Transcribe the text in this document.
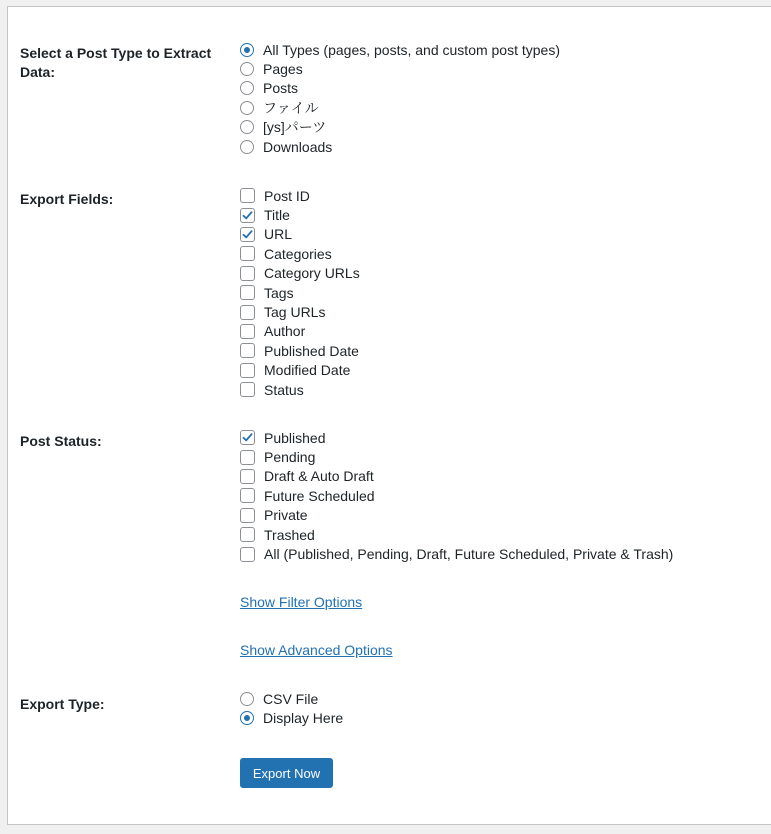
Select a Post Type to Extract Data:
All Types (pages, posts, and custom post types)
Pages
Posts
ファイル
[ys]パーツ
Downloads
Export Fields:	Post ID
Title
URL
Categories
Category URLs
Tags
Tag URLs
Author
Published Date
Modified Date
Status
Post Status:	Published
Pending
Draft & Auto Draft
Future Scheduled
Private
Trashed
All (Published, Pending, Draft, Future Scheduled, Private & Trash)
Show Filter Options
Show Advanced Options
Export Type:	CSV File
Display Here
Export Now
